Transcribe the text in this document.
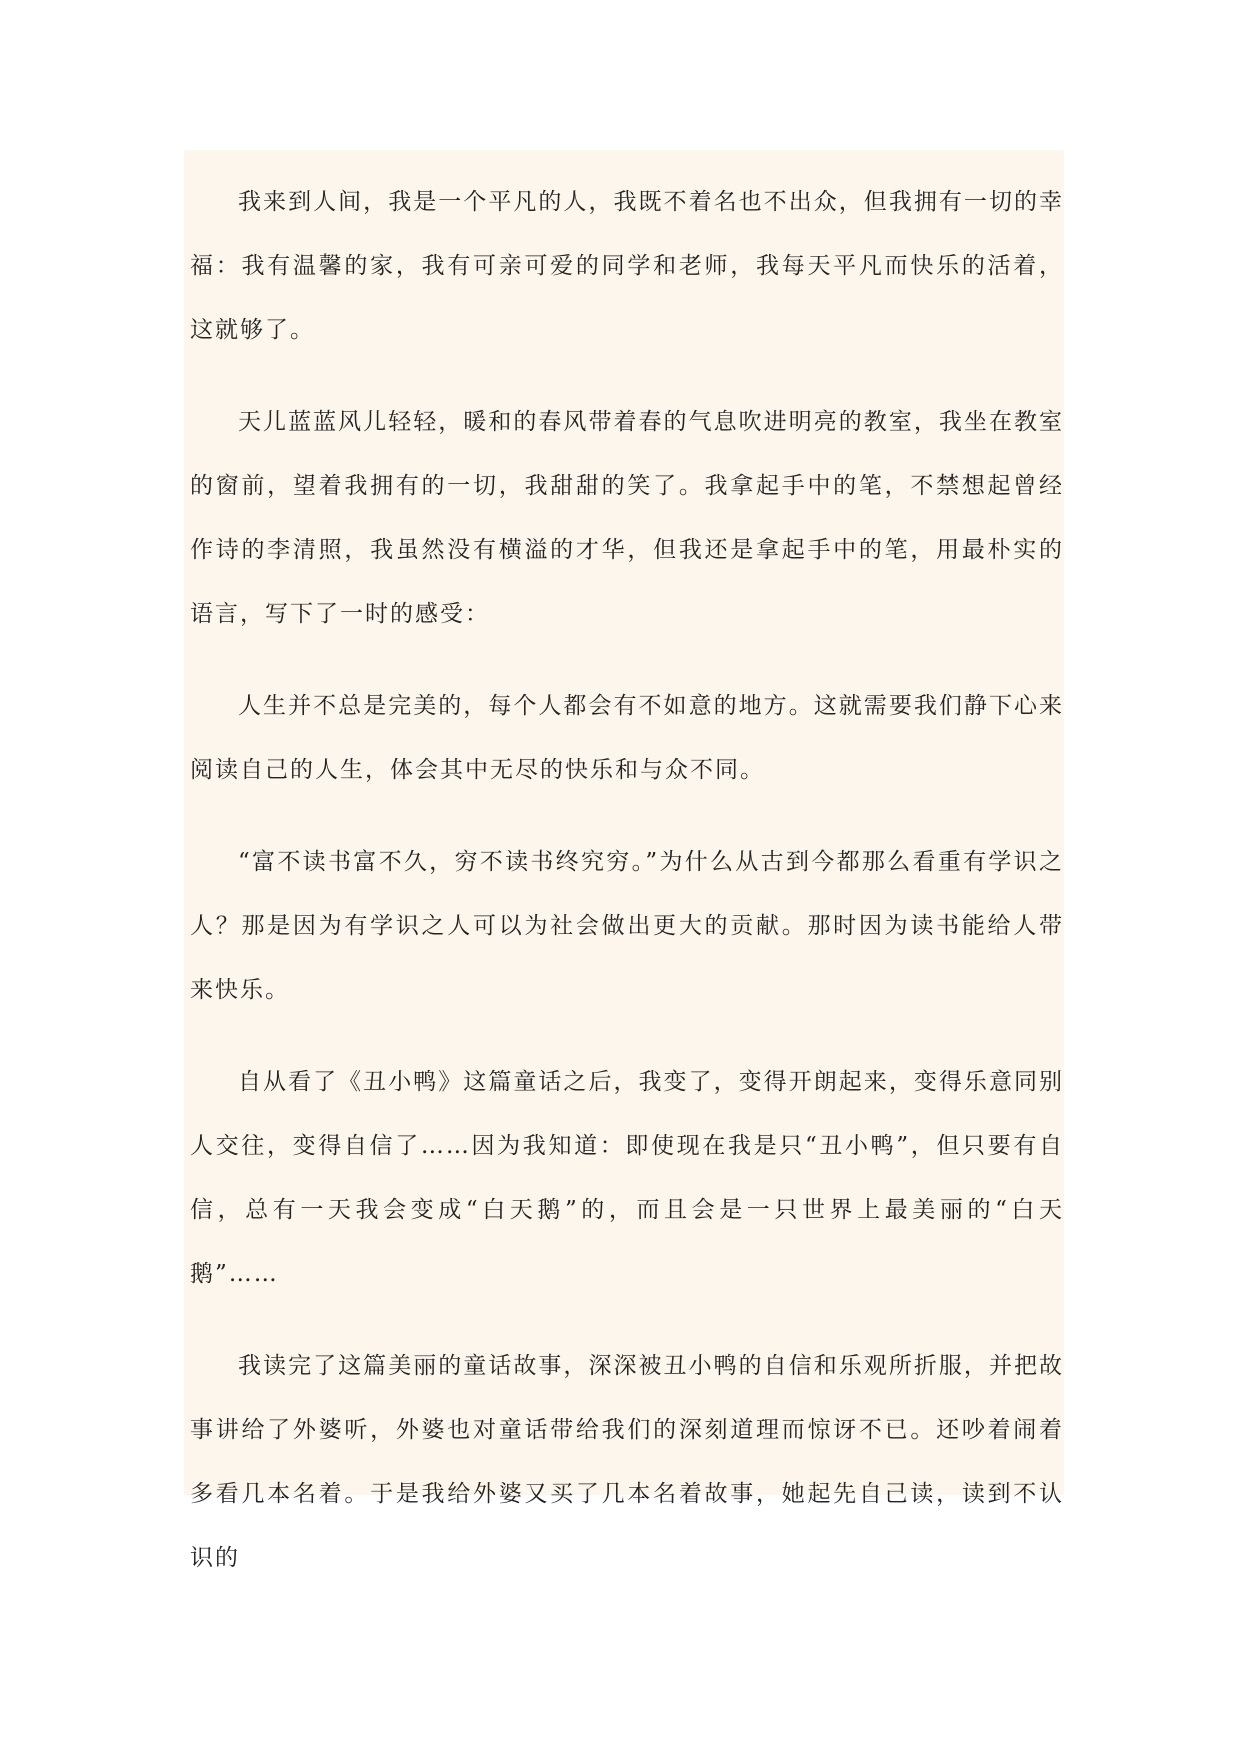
我来到人间，我是一个平凡的人，我既不着名也不出众，但我拥有一切的幸福：我有温馨的家，我有可亲可爱的同学和老师，我每天平凡而快乐的活着，这就够了。

天儿蓝蓝风儿轻轻，暖和的春风带着春的气息吹进明亮的教室，我坐在教室的窗前，望着我拥有的一切，我甜甜的笑了。我拿起手中的笔，不禁想起曾经作诗的李清照，我虽然没有横溢的才华，但我还是拿起手中的笔，用最朴实的语言，写下了一时的感受：

人生并不总是完美的，每个人都会有不如意的地方。这就需要我们静下心来阅读自己的人生，体会其中无尽的快乐和与众不同。

“富不读书富不久，穷不读书终究穷。”为什么从古到今都那么看重有学识之人？那是因为有学识之人可以为社会做出更大的贡献。那时因为读书能给人带来快乐。

自从看了《丑小鸭》这篇童话之后，我变了，变得开朗起来，变得乐意同别人交往，变得自信了……因为我知道：即使现在我是只“丑小鸭”，但只要有自信，总有一天我会变成“白天鹅”的，而且会是一只世界上最美丽的“白天鹅”……

我读完了这篇美丽的童话故事，深深被丑小鸭的自信和乐观所折服，并把故事讲给了外婆听，外婆也对童话带给我们的深刻道理而惊讶不已。还吵着闹着多看几本名着。于是我给外婆又买了几本名着故事，她起先自己读，读到不认识的
